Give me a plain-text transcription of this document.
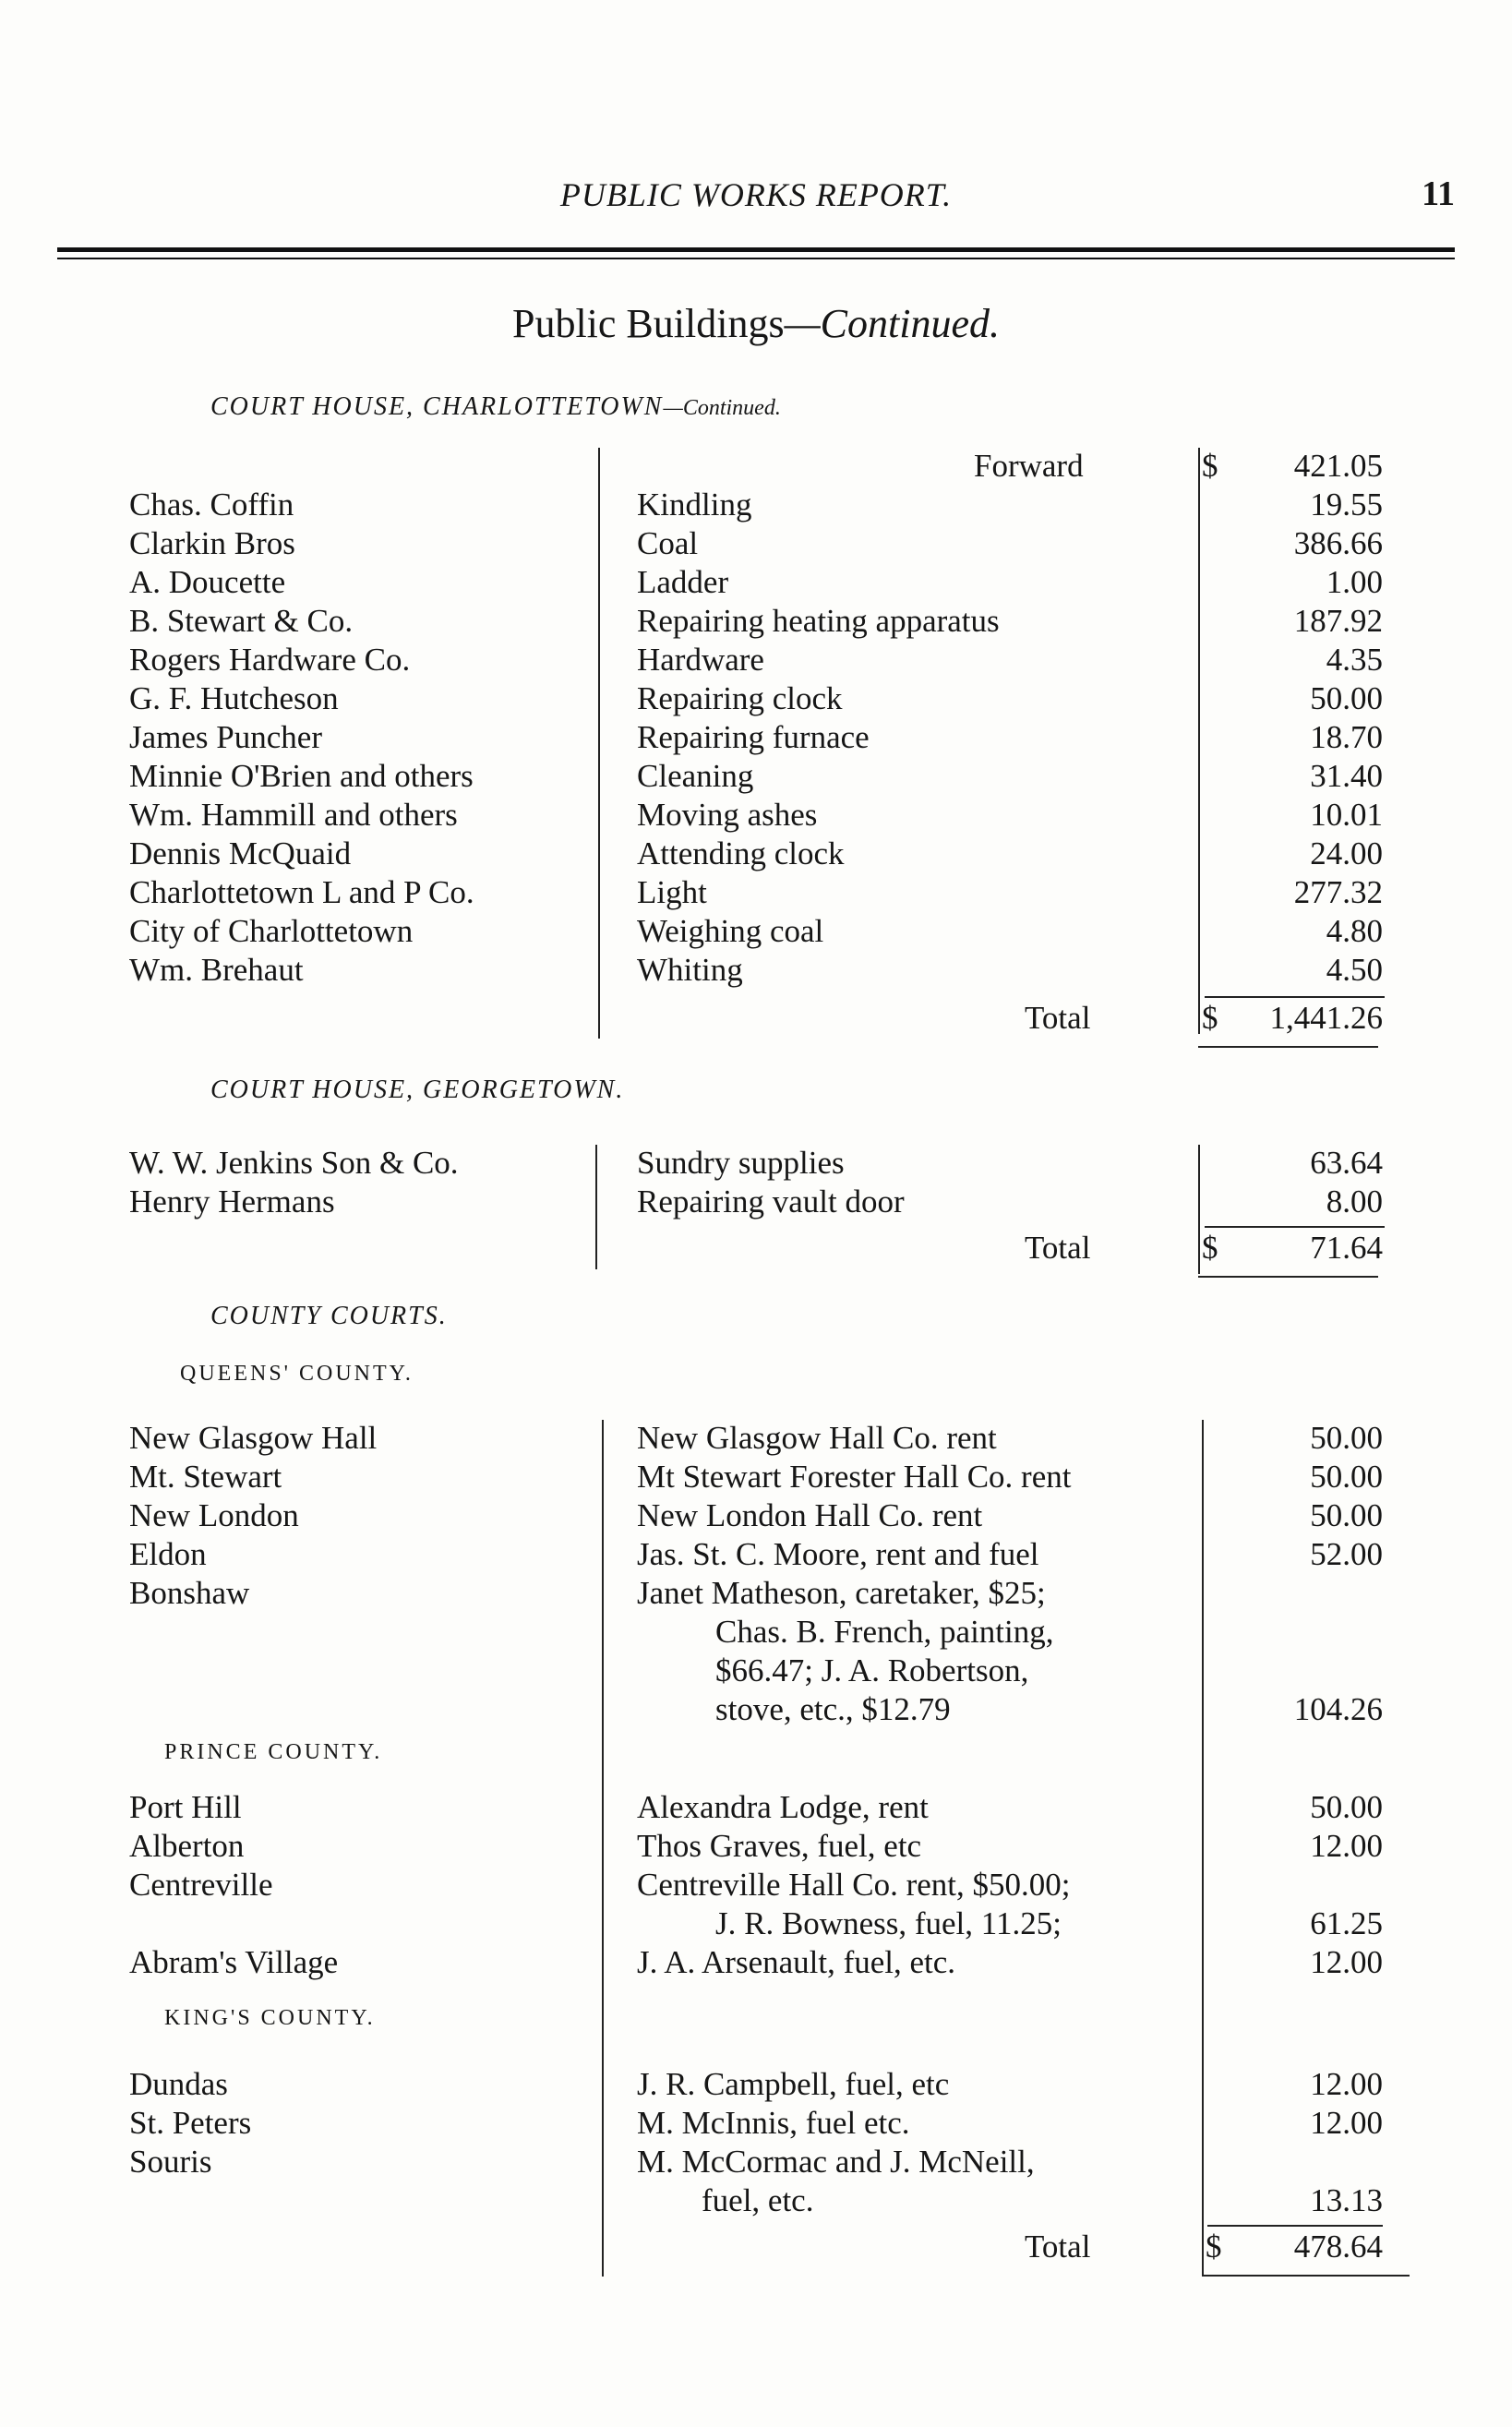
PUBLIC WORKS REPORT.	11
Public Buildings—Continued.
COURT HOUSE, CHARLOTTETOWN—Continued.
Forward	$ 421.05
Chas. Coffin	Kindling	19.55
Clarkin Bros	Coal	386.66
A. Doucette	Ladder	1.00
B. Stewart & Co.	Repairing heating apparatus	187.92
Rogers Hardware Co.	Hardware	4.35
G. F. Hutcheson	Repairing clock	50.00
James Puncher	Repairing furnace	18.70
Minnie O'Brien and others	Cleaning	31.40
Wm. Hammill and others	Moving ashes	10.01
Dennis McQuaid	Attending clock	24.00
Charlottetown L and P Co.	Light	277.32
City of Charlottetown	Weighing coal	4.80
Wm. Brehaut	Whiting	4.50
Total	$ 1,441.26
COURT HOUSE, GEORGETOWN.
W. W. Jenkins Son & Co.	Sundry supplies	63.64
Henry Hermans	Repairing vault door	8.00
Total	$	71.64
COUNTY COURTS.
QUEENS' COUNTY.
New Glasgow Hall	New Glasgow Hall Co. rent	50.00
Mt. Stewart	Mt Stewart Forester Hall Co. rent	50.00
New London	New London Hall Co. rent	50.00
Eldon	Jas. St. C. Moore, rent and fuel	52.00
Bonshaw	Janet Matheson, caretaker, $25;
Chas. B. French, painting,
$66.47; J. A. Robertson,
stove, etc., $12.79	104.26
PRINCE COUNTY.
Port Hill	Alexandra Lodge, rent	50.00
Alberton	Thos Graves, fuel, etc	12.00
Centreville	Centreville Hall Co. rent, $50.00;
J. R. Bowness, fuel, 11.25;	61.25
Abram's Village	J. A. Arsenault, fuel, etc.	12.00
KING'S COUNTY.
Dundas	J. R. Campbell, fuel, etc	12.00
St. Peters	M. McInnis, fuel etc.	12.00
Souris	M. McCormac and J. McNeill,
fuel, etc.	13.13
Total	$ 478.64
